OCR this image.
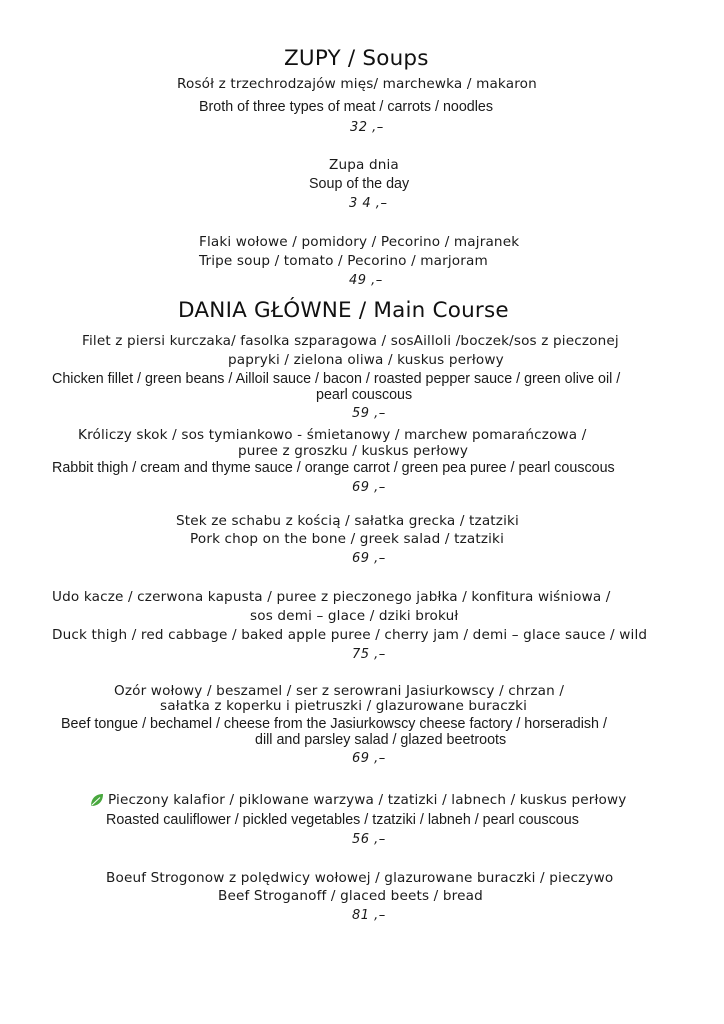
ZUPY / Soups
Rosół z trzechrodzajów mięs/ marchewka / makaron
Broth of three types of meat / carrots / noodles
32 ,–
Zupa dnia
Soup of the day
3 4 ,–
Flaki wołowe / pomidory / Pecorino / majranek
Tripe soup / tomato / Pecorino / marjoram
49 ,–
DANIA GŁÓWNE / Main Course
Filet z piersi kurczaka/ fasolka szparagowa / sosAilloli /boczek/sos z pieczonej
papryki / zielona oliwa / kuskus perłowy
Chicken fillet / green beans / Ailloil sauce / bacon / roasted pepper sauce / green olive oil /
pearl couscous
59 ,–
Króliczy skok / sos tymiankowo - śmietanowy / marchew pomarańczowa /
puree z groszku / kuskus perłowy
Rabbit thigh / cream and thyme sauce / orange carrot / green pea puree / pearl couscous
69 ,–
Stek ze schabu z kością / sałatka grecka / tzatziki
Pork chop on the bone / greek salad / tzatziki
69 ,–
Udo kacze / czerwona kapusta / puree z pieczonego jabłka / konfitura wiśniowa /
sos demi – glace / dziki brokuł
Duck thigh / red cabbage / baked apple puree / cherry jam / demi – glace sauce / wild
75 ,–
Ozór wołowy / beszamel / ser z serowrani Jasiurkowscy / chrzan /
sałatka z koperku i pietruszki / glazurowane buraczki
Beef tongue / bechamel / cheese from the Jasiurkowscy cheese factory / horseradish /
dill and parsley salad / glazed beetroots
69 ,–
Pieczony kalafior / piklowane warzywa / tzatizki / labnech / kuskus perłowy
Roasted cauliflower / pickled vegetables / tzatziki / labneh / pearl couscous
56 ,–
Boeuf Strogonow z polędwicy wołowej / glazurowane buraczki / pieczywo
Beef Stroganoff / glaced beets / bread
81 ,–
